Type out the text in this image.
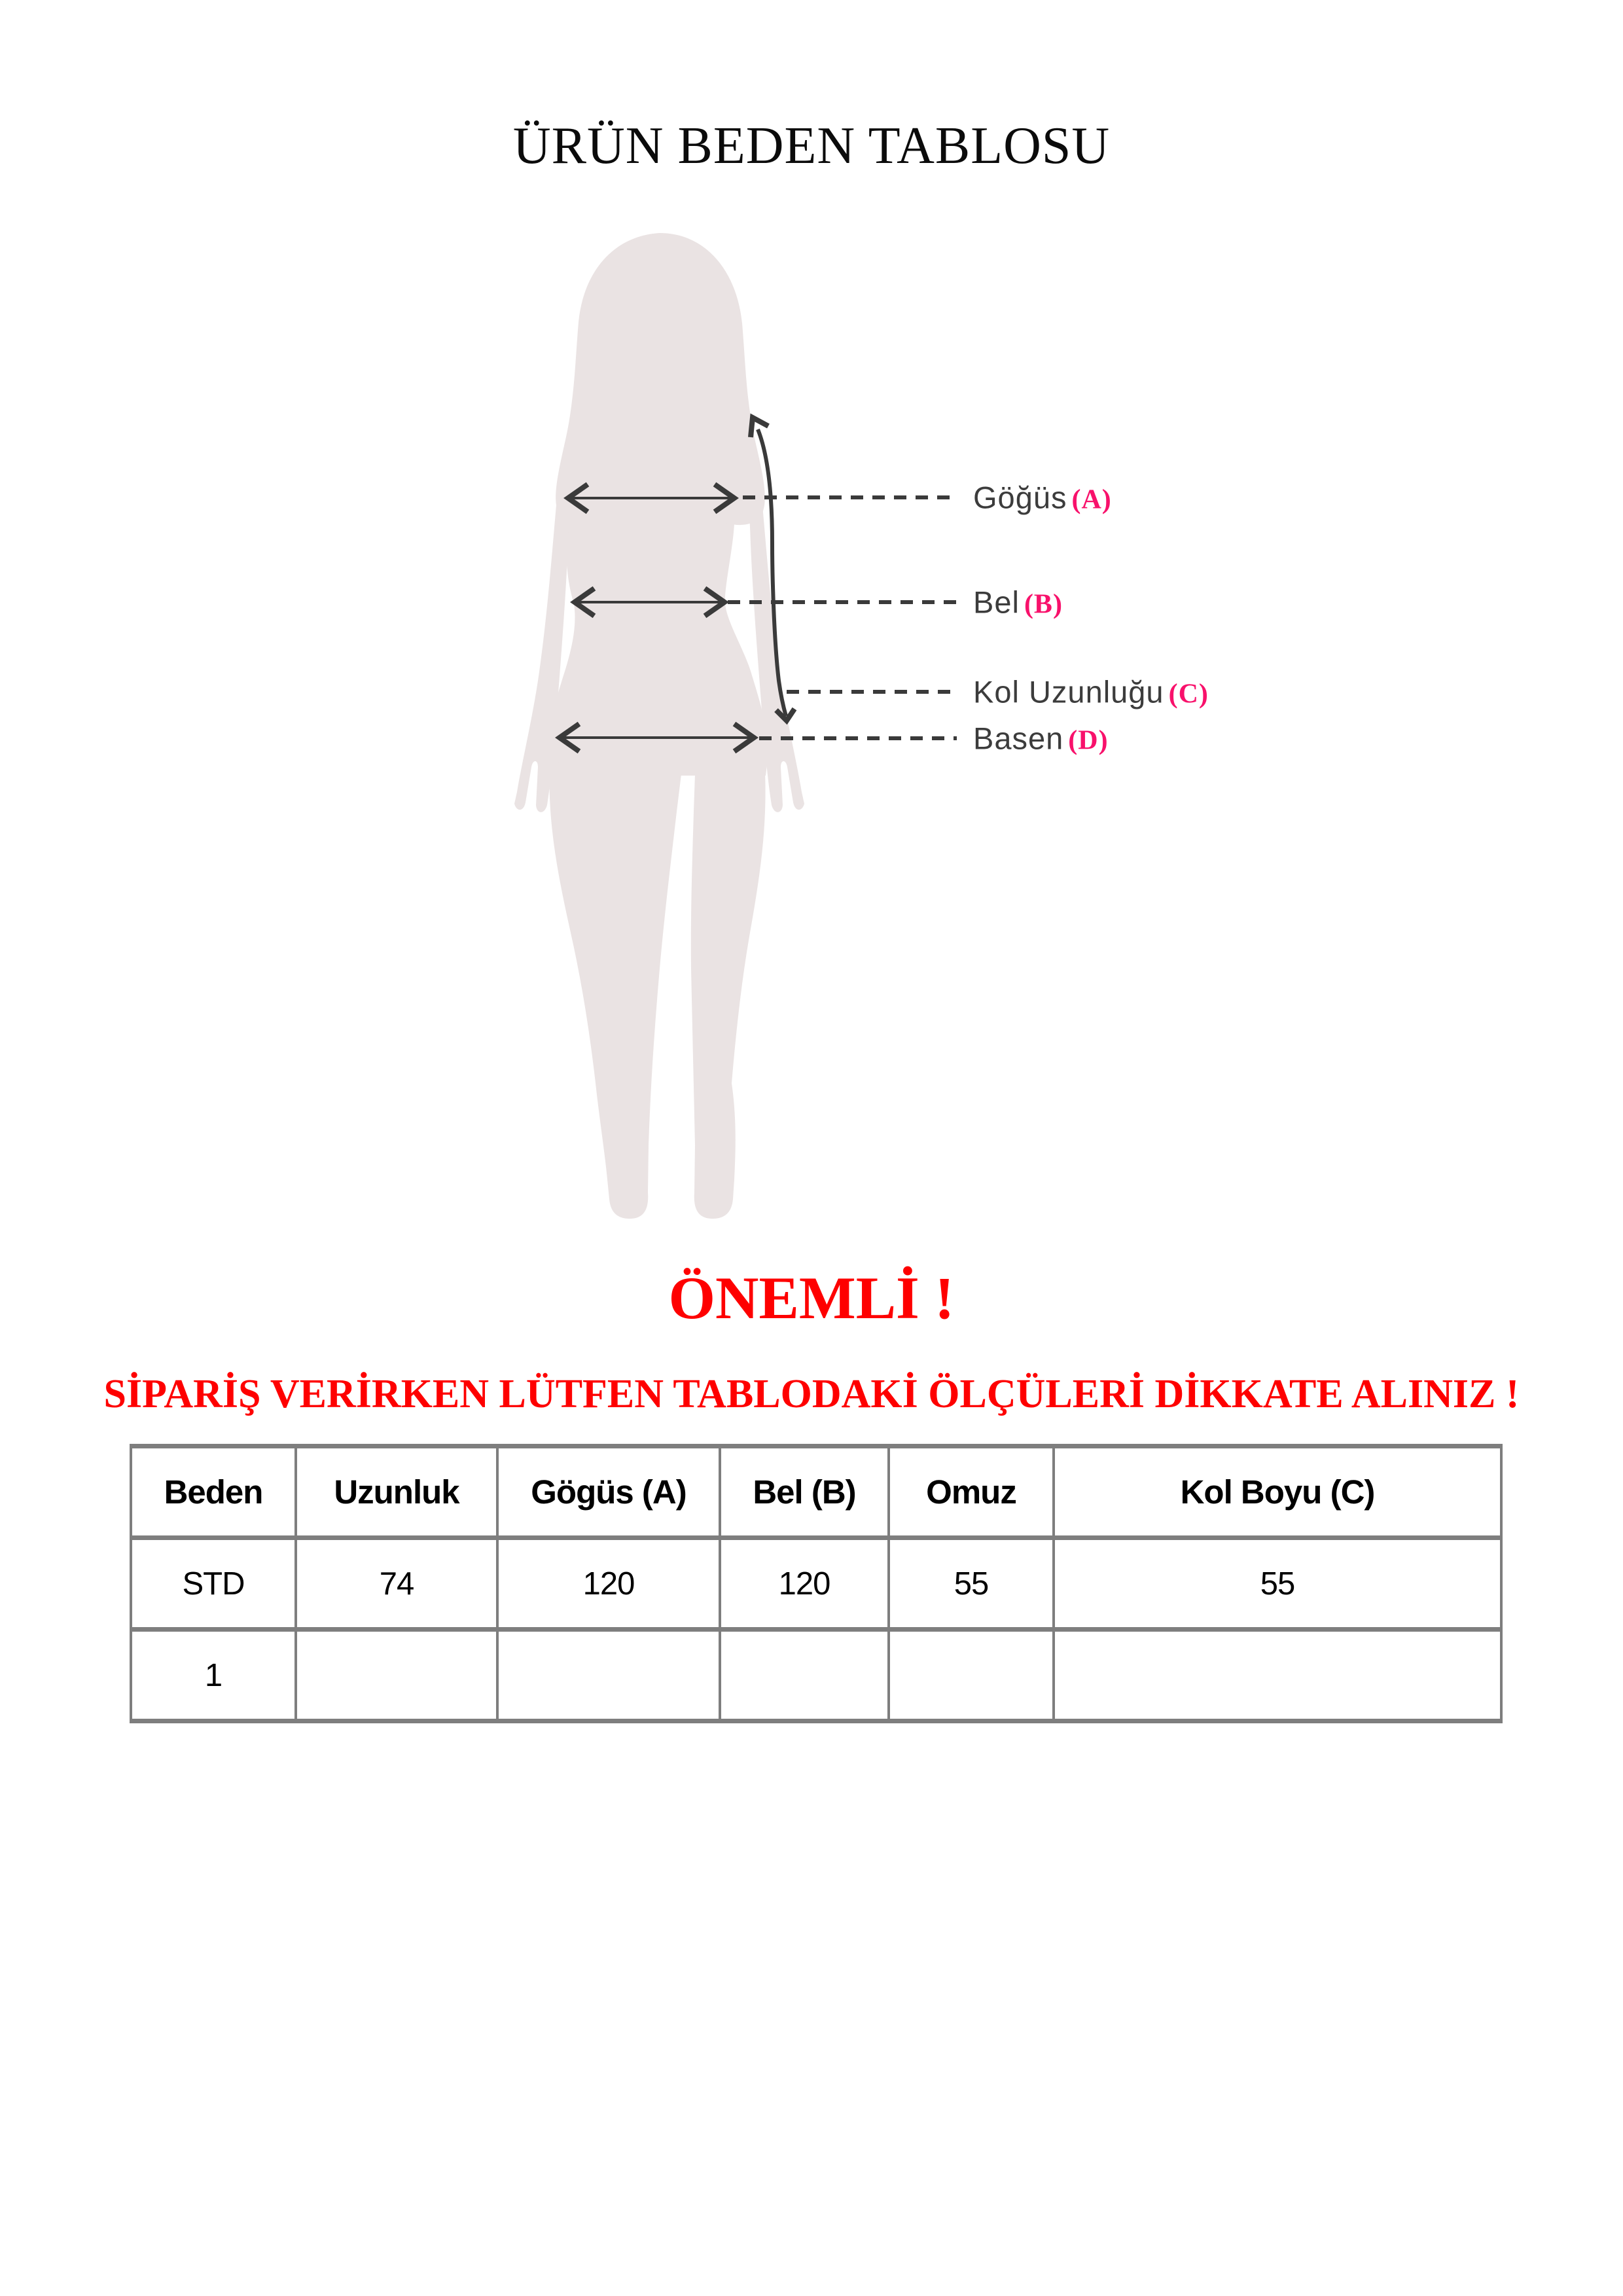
ÜRÜN BEDEN TABLOSU
Göğüs (A)
Bel (B)
Kol Uzunluğu (C)
Basen (D)
ÖNEMLİ !
SİPARİŞ VERİRKEN LÜTFEN TABLODAKİ ÖLÇÜLERİ DİKKATE ALINIZ !
Beden	Uzunluk	Gögüs (A)	Bel (B)	Omuz	Kol Boyu (C)
STD	74	120	120	55	55
1					
